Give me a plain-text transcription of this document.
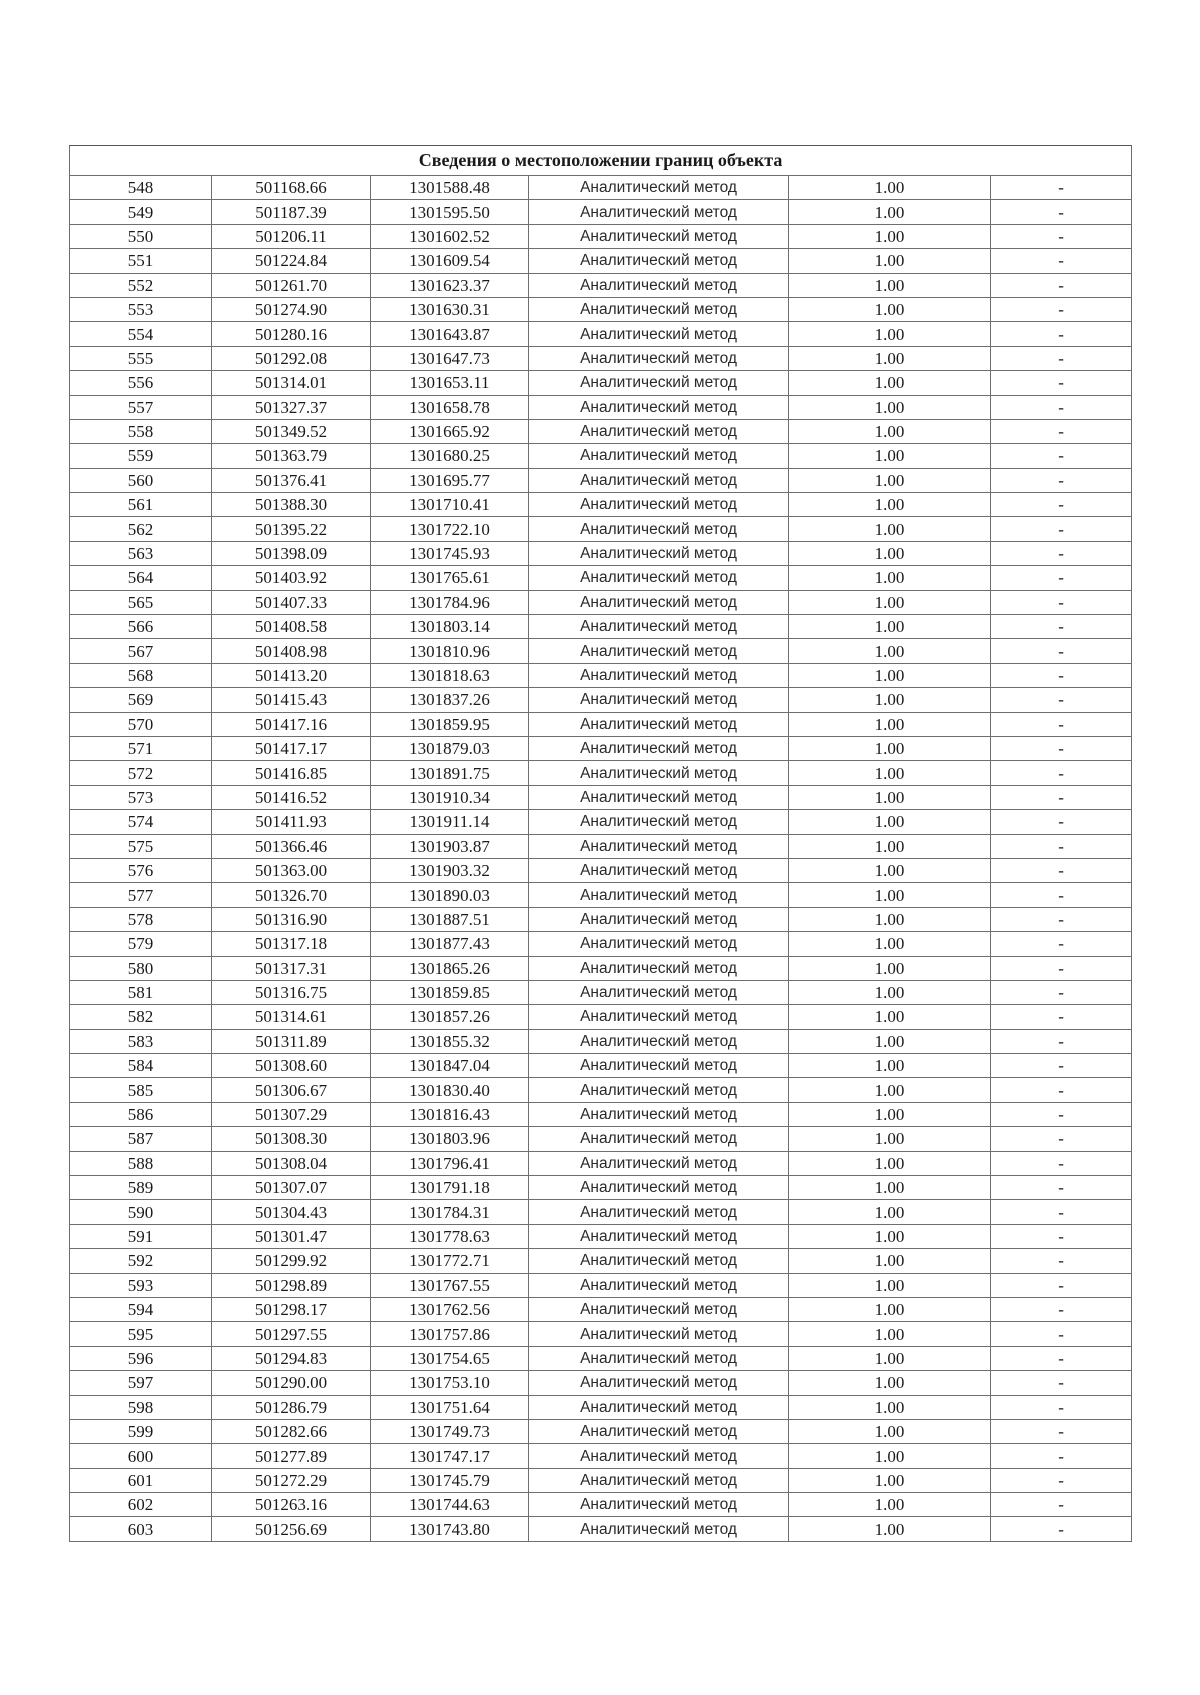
Сведения о местоположении границ объекта					
548	501168.66	1301588.48	Аналитический метод	1.00	-
549	501187.39	1301595.50	Аналитический метод	1.00	-
550	501206.11	1301602.52	Аналитический метод	1.00	-
551	501224.84	1301609.54	Аналитический метод	1.00	-
552	501261.70	1301623.37	Аналитический метод	1.00	-
553	501274.90	1301630.31	Аналитический метод	1.00	-
554	501280.16	1301643.87	Аналитический метод	1.00	-
555	501292.08	1301647.73	Аналитический метод	1.00	-
556	501314.01	1301653.11	Аналитический метод	1.00	-
557	501327.37	1301658.78	Аналитический метод	1.00	-
558	501349.52	1301665.92	Аналитический метод	1.00	-
559	501363.79	1301680.25	Аналитический метод	1.00	-
560	501376.41	1301695.77	Аналитический метод	1.00	-
561	501388.30	1301710.41	Аналитический метод	1.00	-
562	501395.22	1301722.10	Аналитический метод	1.00	-
563	501398.09	1301745.93	Аналитический метод	1.00	-
564	501403.92	1301765.61	Аналитический метод	1.00	-
565	501407.33	1301784.96	Аналитический метод	1.00	-
566	501408.58	1301803.14	Аналитический метод	1.00	-
567	501408.98	1301810.96	Аналитический метод	1.00	-
568	501413.20	1301818.63	Аналитический метод	1.00	-
569	501415.43	1301837.26	Аналитический метод	1.00	-
570	501417.16	1301859.95	Аналитический метод	1.00	-
571	501417.17	1301879.03	Аналитический метод	1.00	-
572	501416.85	1301891.75	Аналитический метод	1.00	-
573	501416.52	1301910.34	Аналитический метод	1.00	-
574	501411.93	1301911.14	Аналитический метод	1.00	-
575	501366.46	1301903.87	Аналитический метод	1.00	-
576	501363.00	1301903.32	Аналитический метод	1.00	-
577	501326.70	1301890.03	Аналитический метод	1.00	-
578	501316.90	1301887.51	Аналитический метод	1.00	-
579	501317.18	1301877.43	Аналитический метод	1.00	-
580	501317.31	1301865.26	Аналитический метод	1.00	-
581	501316.75	1301859.85	Аналитический метод	1.00	-
582	501314.61	1301857.26	Аналитический метод	1.00	-
583	501311.89	1301855.32	Аналитический метод	1.00	-
584	501308.60	1301847.04	Аналитический метод	1.00	-
585	501306.67	1301830.40	Аналитический метод	1.00	-
586	501307.29	1301816.43	Аналитический метод	1.00	-
587	501308.30	1301803.96	Аналитический метод	1.00	-
588	501308.04	1301796.41	Аналитический метод	1.00	-
589	501307.07	1301791.18	Аналитический метод	1.00	-
590	501304.43	1301784.31	Аналитический метод	1.00	-
591	501301.47	1301778.63	Аналитический метод	1.00	-
592	501299.92	1301772.71	Аналитический метод	1.00	-
593	501298.89	1301767.55	Аналитический метод	1.00	-
594	501298.17	1301762.56	Аналитический метод	1.00	-
595	501297.55	1301757.86	Аналитический метод	1.00	-
596	501294.83	1301754.65	Аналитический метод	1.00	-
597	501290.00	1301753.10	Аналитический метод	1.00	-
598	501286.79	1301751.64	Аналитический метод	1.00	-
599	501282.66	1301749.73	Аналитический метод	1.00	-
600	501277.89	1301747.17	Аналитический метод	1.00	-
601	501272.29	1301745.79	Аналитический метод	1.00	-
602	501263.16	1301744.63	Аналитический метод	1.00	-
603	501256.69	1301743.80	Аналитический метод	1.00	-
